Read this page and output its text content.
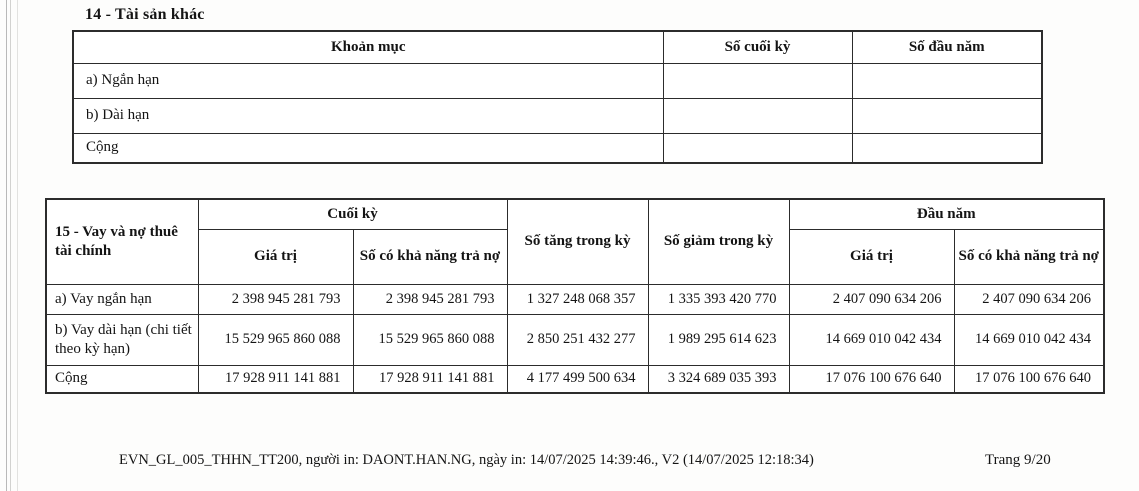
14 - Tài sản khác
Khoản mục	Số cuối kỳ	Số đầu năm
a) Ngắn hạn		
b) Dài hạn		
Cộng		
15 - Vay và nợ thuê tài chính	Cuối kỳ		Số tăng trong kỳ	Số giảm trong kỳ	Đầu năm	
	Giá trị	Số có khả năng trả nợ			Giá trị	Số có khả năng trả nợ
a) Vay ngắn hạn	2 398 945 281 793	2 398 945 281 793	1 327 248 068 357	1 335 393 420 770	2 407 090 634 206	2 407 090 634 206
b) Vay dài hạn (chi tiết theo kỳ hạn)	15 529 965 860 088	15 529 965 860 088	2 850 251 432 277	1 989 295 614 623	14 669 010 042 434	14 669 010 042 434
Cộng	17 928 911 141 881	17 928 911 141 881	4 177 499 500 634	3 324 689 035 393	17 076 100 676 640	17 076 100 676 640
EVN_GL_005_THHN_TT200, người in: DAONT.HAN.NG, ngày in: 14/07/2025 14:39:46., V2 (14/07/2025 12:18:34)	Trang 9/20
